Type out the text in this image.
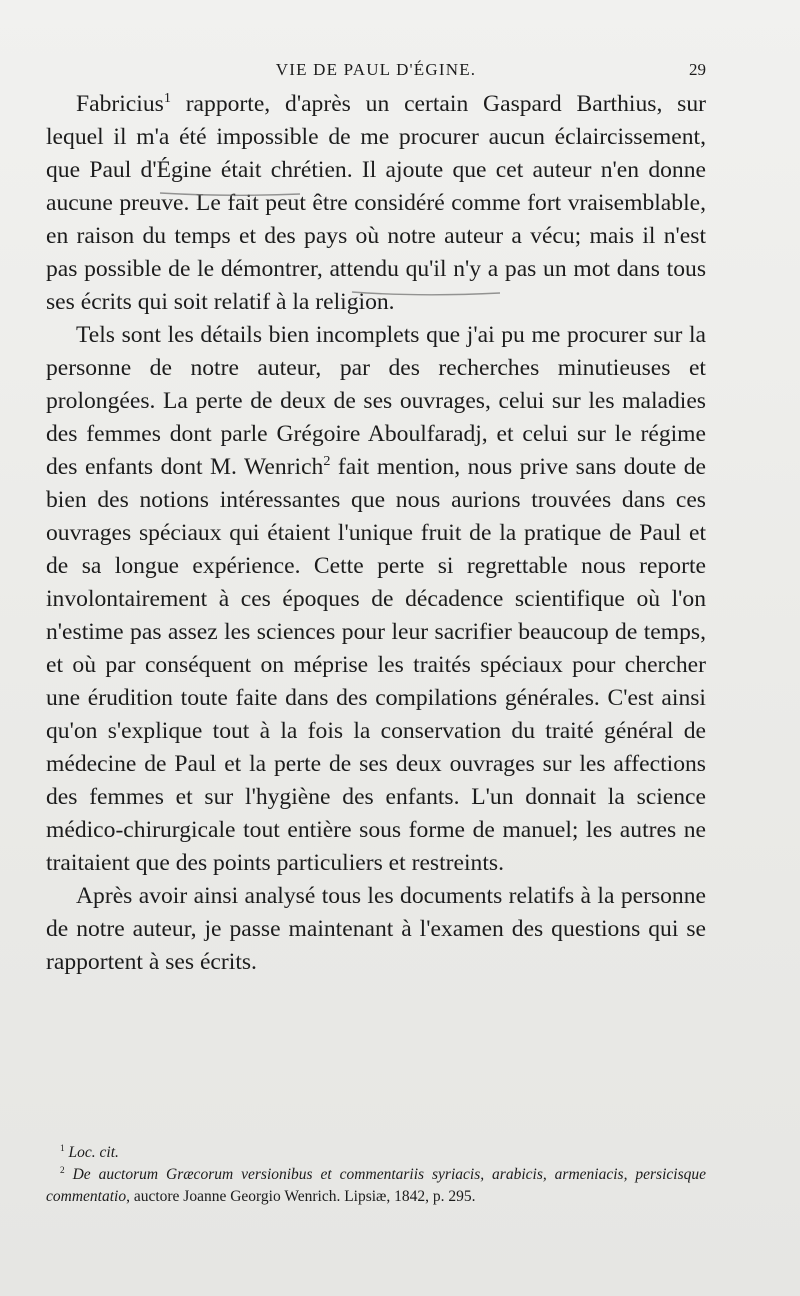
VIE DE PAUL D'ÉGINE.	29

Fabricius$^1$ rapporte, d'après un certain Gaspard Barthius, sur lequel il m'a été impossible de me procurer aucun éclaircissement, que Paul d'Égine était chrétien. Il ajoute que cet auteur n'en donne aucune preuve. Le fait peut être considéré comme fort vraisemblable, en raison du temps et des pays où notre auteur a vécu; mais il n'est pas possible de le démontrer, attendu qu'il n'y a pas un mot dans tous ses écrits qui soit relatif à la religion.

Tels sont les détails bien incomplets que j'ai pu me procurer sur la personne de notre auteur, par des recherches minutieuses et prolongées. La perte de deux de ses ouvrages, celui sur les maladies des femmes dont parle Grégoire Aboulfaradj, et celui sur le régime des enfants dont M. Wenrich$^2$ fait mention, nous prive sans doute de bien des notions intéressantes que nous aurions trouvées dans ces ouvrages spéciaux qui étaient l'unique fruit de la pratique de Paul et de sa longue expérience. Cette perte si regrettable nous reporte involontairement à ces époques de décadence scientifique où l'on n'estime pas assez les sciences pour leur sacrifier beaucoup de temps, et où par conséquent on méprise les traités spéciaux pour chercher une érudition toute faite dans des compilations générales. C'est ainsi qu'on s'explique tout à la fois la conservation du traité général de médecine de Paul et la perte de ses deux ouvrages sur les affections des femmes et sur l'hygiène des enfants. L'un donnait la science médico-chirurgicale tout entière sous forme de manuel; les autres ne traitaient que des points particuliers et restreints.

Après avoir ainsi analysé tous les documents relatifs à la personne de notre auteur, je passe maintenant à l'examen des questions qui se rapportent à ses écrits.

$^1$ Loc. cit.

$^2$ De auctorum Græcorum versionibus et commentariis syriacis, arabicis, armeniacis, persicisque commentatio, auctore Joanne Georgio Wenrich. Lipsiæ, 1842, p. 295.
